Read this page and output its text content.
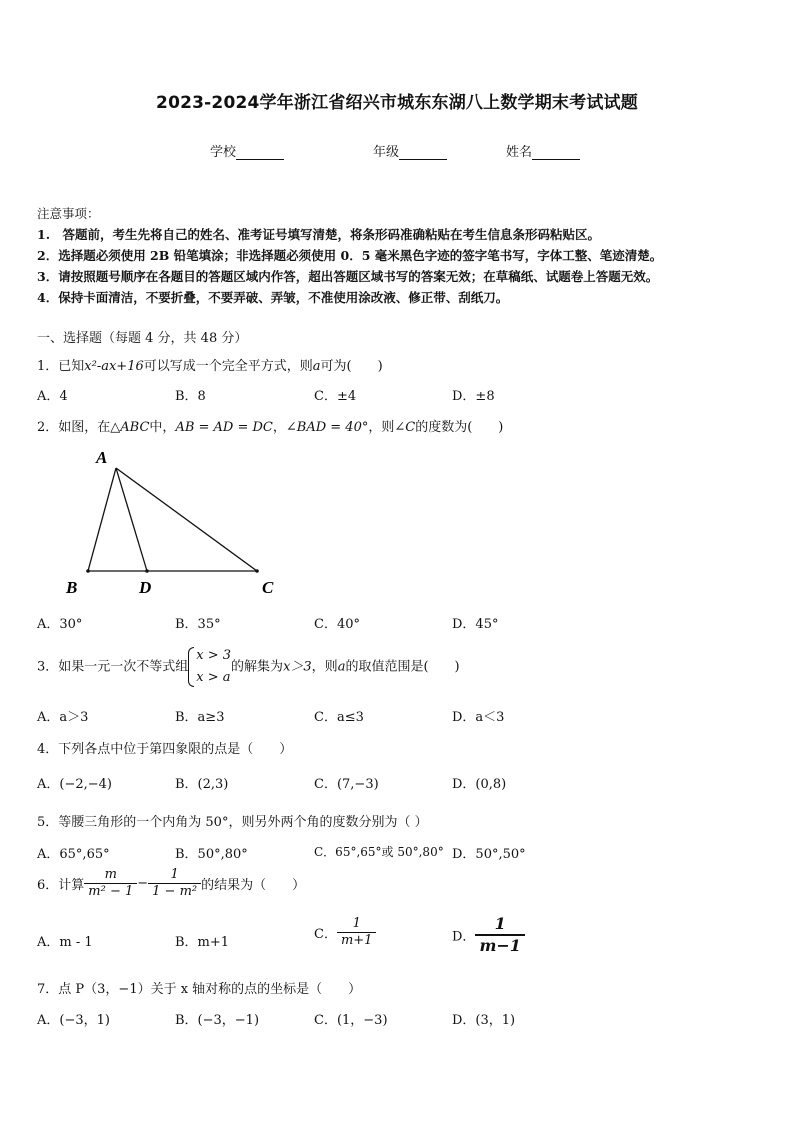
2023-2024学年浙江省绍兴市城东东湖八上数学期末考试试题
学校	年级	姓名
注意事项：
1.　答题前，考生先将自己的姓名、准考证号填写清楚，将条形码准确粘贴在考生信息条形码粘贴区。
2．选择题必须使用 2B 铅笔填涂；非选择题必须使用 0．5 毫米黑色字迹的签字笔书写，字体工整、笔迹清楚。
3．请按照题号顺序在各题目的答题区域内作答，超出答题区域书写的答案无效；在草稿纸、试题卷上答题无效。
4．保持卡面清洁，不要折叠，不要弄破、弄皱，不准使用涂改液、修正带、刮纸刀。
一、选择题（每题 4 分，共 48 分）
1．已知x²-ax+16可以写成一个完全平方式，则a可为(　　)
A．4	B．8	C．±4	D．±8
2．如图，在△ABC中，AB = AD = DC，∠BAD = 40°，则∠C的度数为(　　)
A
B	D	C
A．30°	B．35°	C．40°	D．45°
3．如果一元一次不等式组
x > 3
x > a
的解集为x＞3，则a的取值范围是(　　)
A．a＞3	B．a≥3	C．a≤3	D．a＜3
4．下列各点中位于第四象限的点是（　　）
A．(−2,−4)	B．(2,3)	C．(7,−3)	D．(0,8)
5．等腰三角形的一个内角为 50°，则另外两个角的度数分别为（ ）
A．65°,65°	B．50°,80°	C．65°,65°或 50°,80° D．50°,50°
6．计算 $\frac{m}{\text{m² − 1}} - \frac{1}{\text{1 − m²}}$ 的结果为（　　）
A．m - 1	B．m+1
C． $\frac{1}{m+1}$	D． $\frac{1}{m-1}$
7．点 P（3，−1）关于 x 轴对称的点的坐标是（　　）
A．(−3，1)	B．(−3，−1)	C．(1，−3)	D．(3，1)
